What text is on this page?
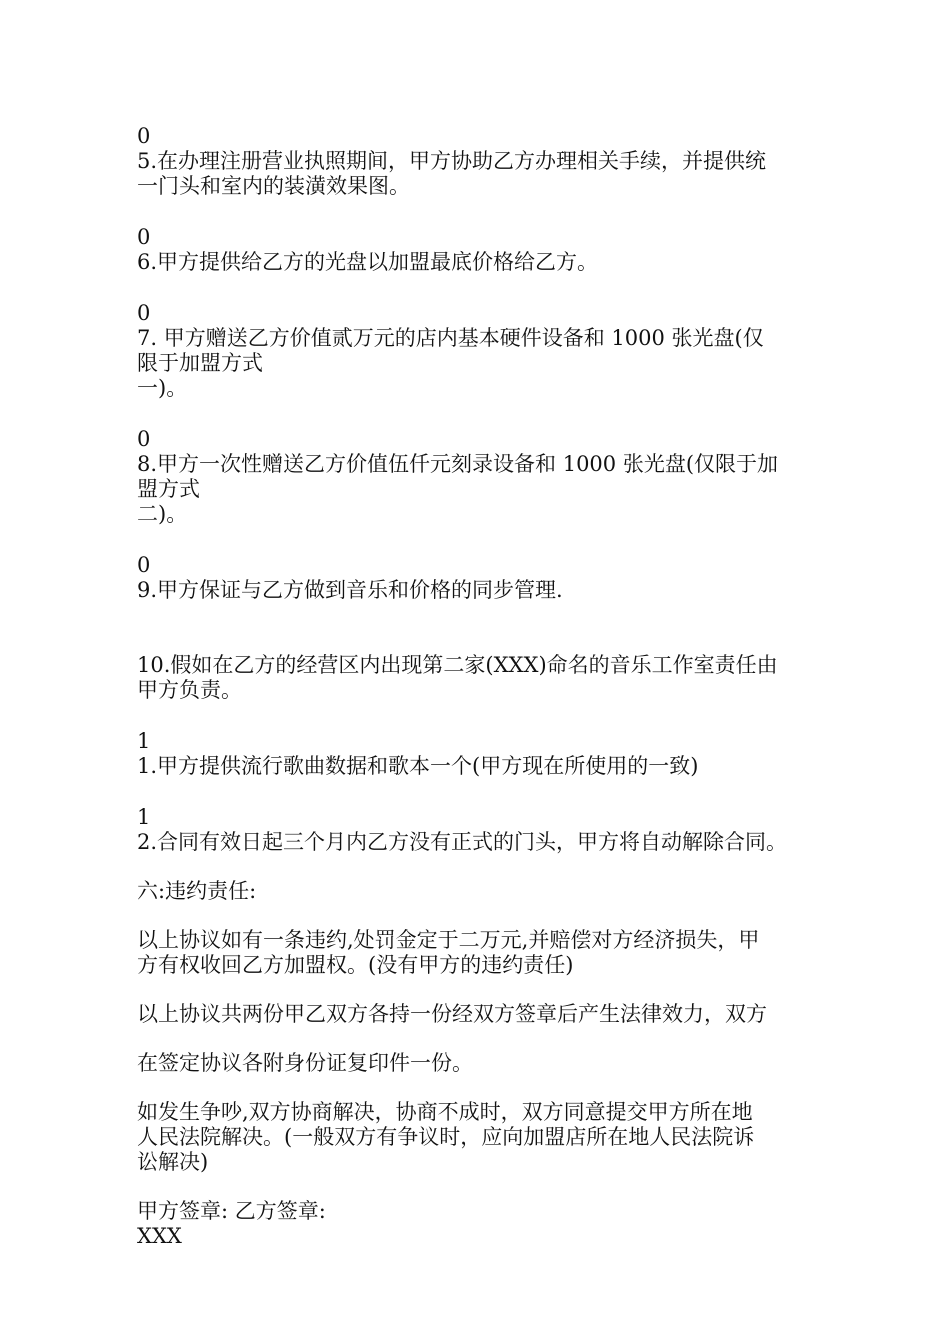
0
5.在办理注册营业执照期间，甲方协助乙方办理相关手续，并提供统
一门头和室内的装潢效果图。
0
6.甲方提供给乙方的光盘以加盟最底价格给乙方。
0
7. 甲方赠送乙方价值贰万元的店内基本硬件设备和 1000 张光盘(仅
限于加盟方式
一)。
0
8.甲方一次性赠送乙方价值伍仟元刻录设备和 1000 张光盘(仅限于加
盟方式
二)。
0
9.甲方保证与乙方做到音乐和价格的同步管理.
10.假如在乙方的经营区内出现第二家(XXX)命名的音乐工作室责任由
甲方负责。
1
1.甲方提供流行歌曲数据和歌本一个(甲方现在所使用的一致)
1
2.合同有效日起三个月内乙方没有正式的门头，甲方将自动解除合同。
六:违约责任:
以上协议如有一条违约,处罚金定于二万元,并赔偿对方经济损失，甲
方有权收回乙方加盟权。(没有甲方的违约责任)
以上协议共两份甲乙双方各持一份经双方签章后产生法律效力，双方
在签定协议各附身份证复印件一份。
如发生争吵,双方协商解决，协商不成时，双方同意提交甲方所在地
人民法院解决。(一般双方有争议时，应向加盟店所在地人民法院诉
讼解决)
甲方签章: 乙方签章:
XXX
